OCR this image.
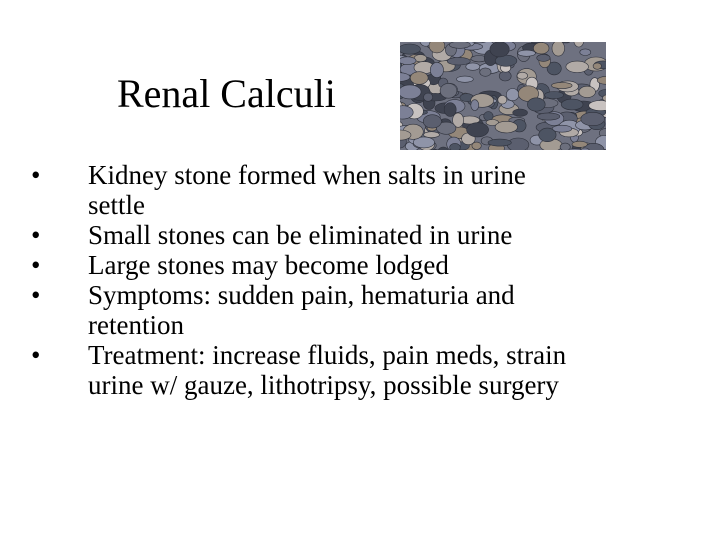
Renal Calculi
•	Kidney stone formed when salts in urine
settle
•	Small stones can be eliminated in urine
•	Large stones may become lodged
•	Symptoms: sudden pain, hematuria and
retention
•	Treatment: increase fluids, pain meds, strain
urine w/ gauze, lithotripsy, possible surgery
